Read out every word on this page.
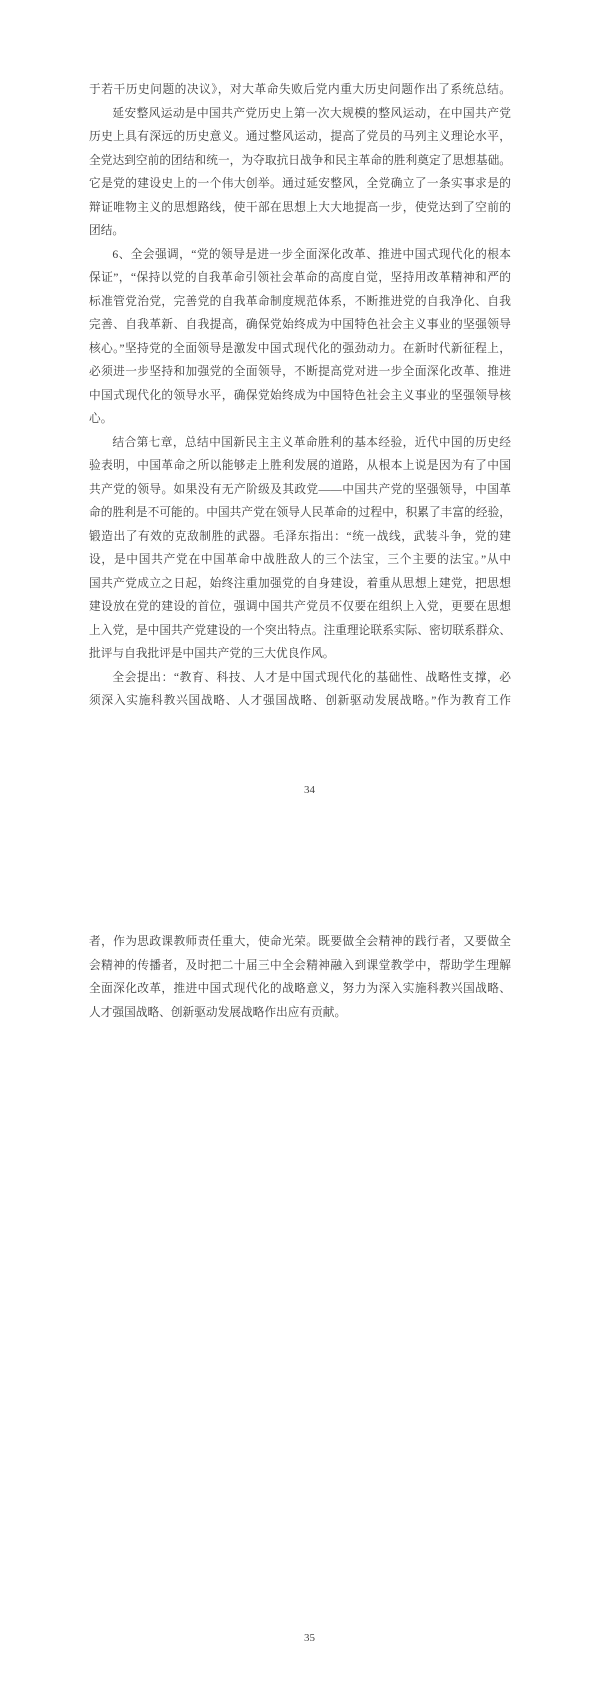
于若干历史问题的决议》，对大革命失败后党内重大历史问题作出了系统总结。
延安整风运动是中国共产党历史上第一次大规模的整风运动，在中国共产党
历史上具有深远的历史意义。通过整风运动，提高了党员的马列主义理论水平，
全党达到空前的团结和统一，为夺取抗日战争和民主革命的胜利奠定了思想基础。
它是党的建设史上的一个伟大创举。通过延安整风，全党确立了一条实事求是的
辩证唯物主义的思想路线，使干部在思想上大大地提高一步，使党达到了空前的
团结。
6、全会强调，“党的领导是进一步全面深化改革、推进中国式现代化的根本
保证”，“保持以党的自我革命引领社会革命的高度自觉，坚持用改革精神和严的
标准管党治党，完善党的自我革命制度规范体系，不断推进党的自我净化、自我
完善、自我革新、自我提高，确保党始终成为中国特色社会主义事业的坚强领导
核心。”坚持党的全面领导是激发中国式现代化的强劲动力。在新时代新征程上，
必须进一步坚持和加强党的全面领导，不断提高党对进一步全面深化改革、推进
中国式现代化的领导水平，确保党始终成为中国特色社会主义事业的坚强领导核
心。
结合第七章，总结中国新民主主义革命胜利的基本经验，近代中国的历史经
验表明，中国革命之所以能够走上胜利发展的道路，从根本上说是因为有了中国
共产党的领导。如果没有无产阶级及其政党——中国共产党的坚强领导，中国革
命的胜利是不可能的。中国共产党在领导人民革命的过程中，积累了丰富的经验，
锻造出了有效的克敌制胜的武器。毛泽东指出：“统一战线，武装斗争，党的建
设，是中国共产党在中国革命中战胜敌人的三个法宝，三个主要的法宝。”从中
国共产党成立之日起，始终注重加强党的自身建设，着重从思想上建党，把思想
建设放在党的建设的首位，强调中国共产党员不仅要在组织上入党，更要在思想
上入党，是中国共产党建设的一个突出特点。注重理论联系实际、密切联系群众、
批评与自我批评是中国共产党的三大优良作风。
全会提出：“教育、科技、人才是中国式现代化的基础性、战略性支撑，必
须深入实施科教兴国战略、人才强国战略、创新驱动发展战略。”作为教育工作
34
者，作为思政课教师责任重大，使命光荣。既要做全会精神的践行者，又要做全
会精神的传播者，及时把二十届三中全会精神融入到课堂教学中，帮助学生理解
全面深化改革，推进中国式现代化的战略意义，努力为深入实施科教兴国战略、
人才强国战略、创新驱动发展战略作出应有贡献。
35
